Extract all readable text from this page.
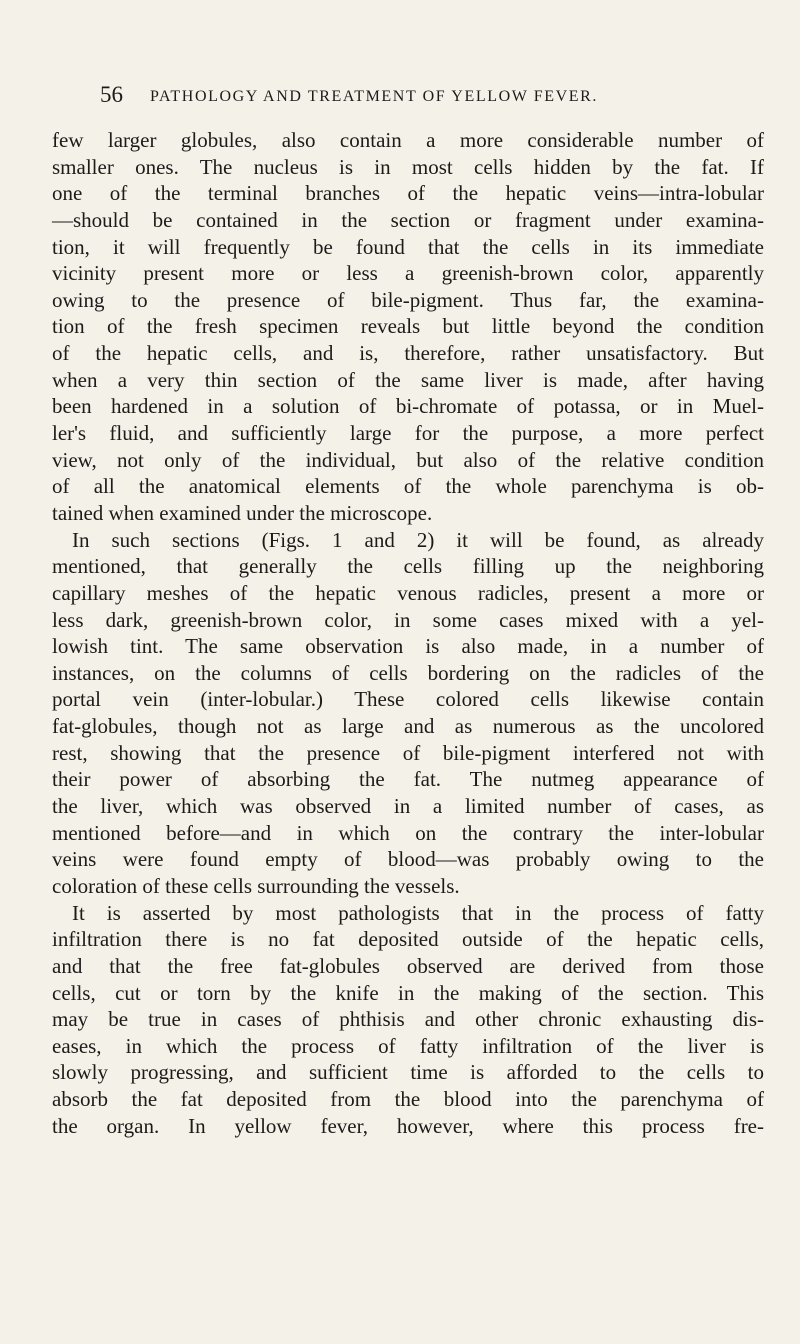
56 PATHOLOGY AND TREATMENT OF YELLOW FEVER.
few larger globules, also contain a more considerable number of
smaller ones. The nucleus is in most cells hidden by the fat. If
one of the terminal branches of the hepatic veins—intra-lobular
—should be contained in the section or fragment under examina-
tion, it will frequently be found that the cells in its immediate
vicinity present more or less a greenish-brown color, apparently
owing to the presence of bile-pigment. Thus far, the examina-
tion of the fresh specimen reveals but little beyond the condition
of the hepatic cells, and is, therefore, rather unsatisfactory. But
when a very thin section of the same liver is made, after having
been hardened in a solution of bi-chromate of potassa, or in Muel-
ler's fluid, and sufficiently large for the purpose, a more perfect
view, not only of the individual, but also of the relative condition
of all the anatomical elements of the whole parenchyma is ob-
tained when examined under the microscope.
In such sections (Figs. 1 and 2) it will be found, as already
mentioned, that generally the cells filling up the neighboring
capillary meshes of the hepatic venous radicles, present a more or
less dark, greenish-brown color, in some cases mixed with a yel-
lowish tint. The same observation is also made, in a number of
instances, on the columns of cells bordering on the radicles of the
portal vein (inter-lobular.) These colored cells likewise contain
fat-globules, though not as large and as numerous as the uncolored
rest, showing that the presence of bile-pigment interfered not with
their power of absorbing the fat. The nutmeg appearance of
the liver, which was observed in a limited number of cases, as
mentioned before—and in which on the contrary the inter-lobular
veins were found empty of blood—was probably owing to the
coloration of these cells surrounding the vessels.
It is asserted by most pathologists that in the process of fatty
infiltration there is no fat deposited outside of the hepatic cells,
and that the free fat-globules observed are derived from those
cells, cut or torn by the knife in the making of the section. This
may be true in cases of phthisis and other chronic exhausting dis-
eases, in which the process of fatty infiltration of the liver is
slowly progressing, and sufficient time is afforded to the cells to
absorb the fat deposited from the blood into the parenchyma of
the organ. In yellow fever, however, where this process fre-
